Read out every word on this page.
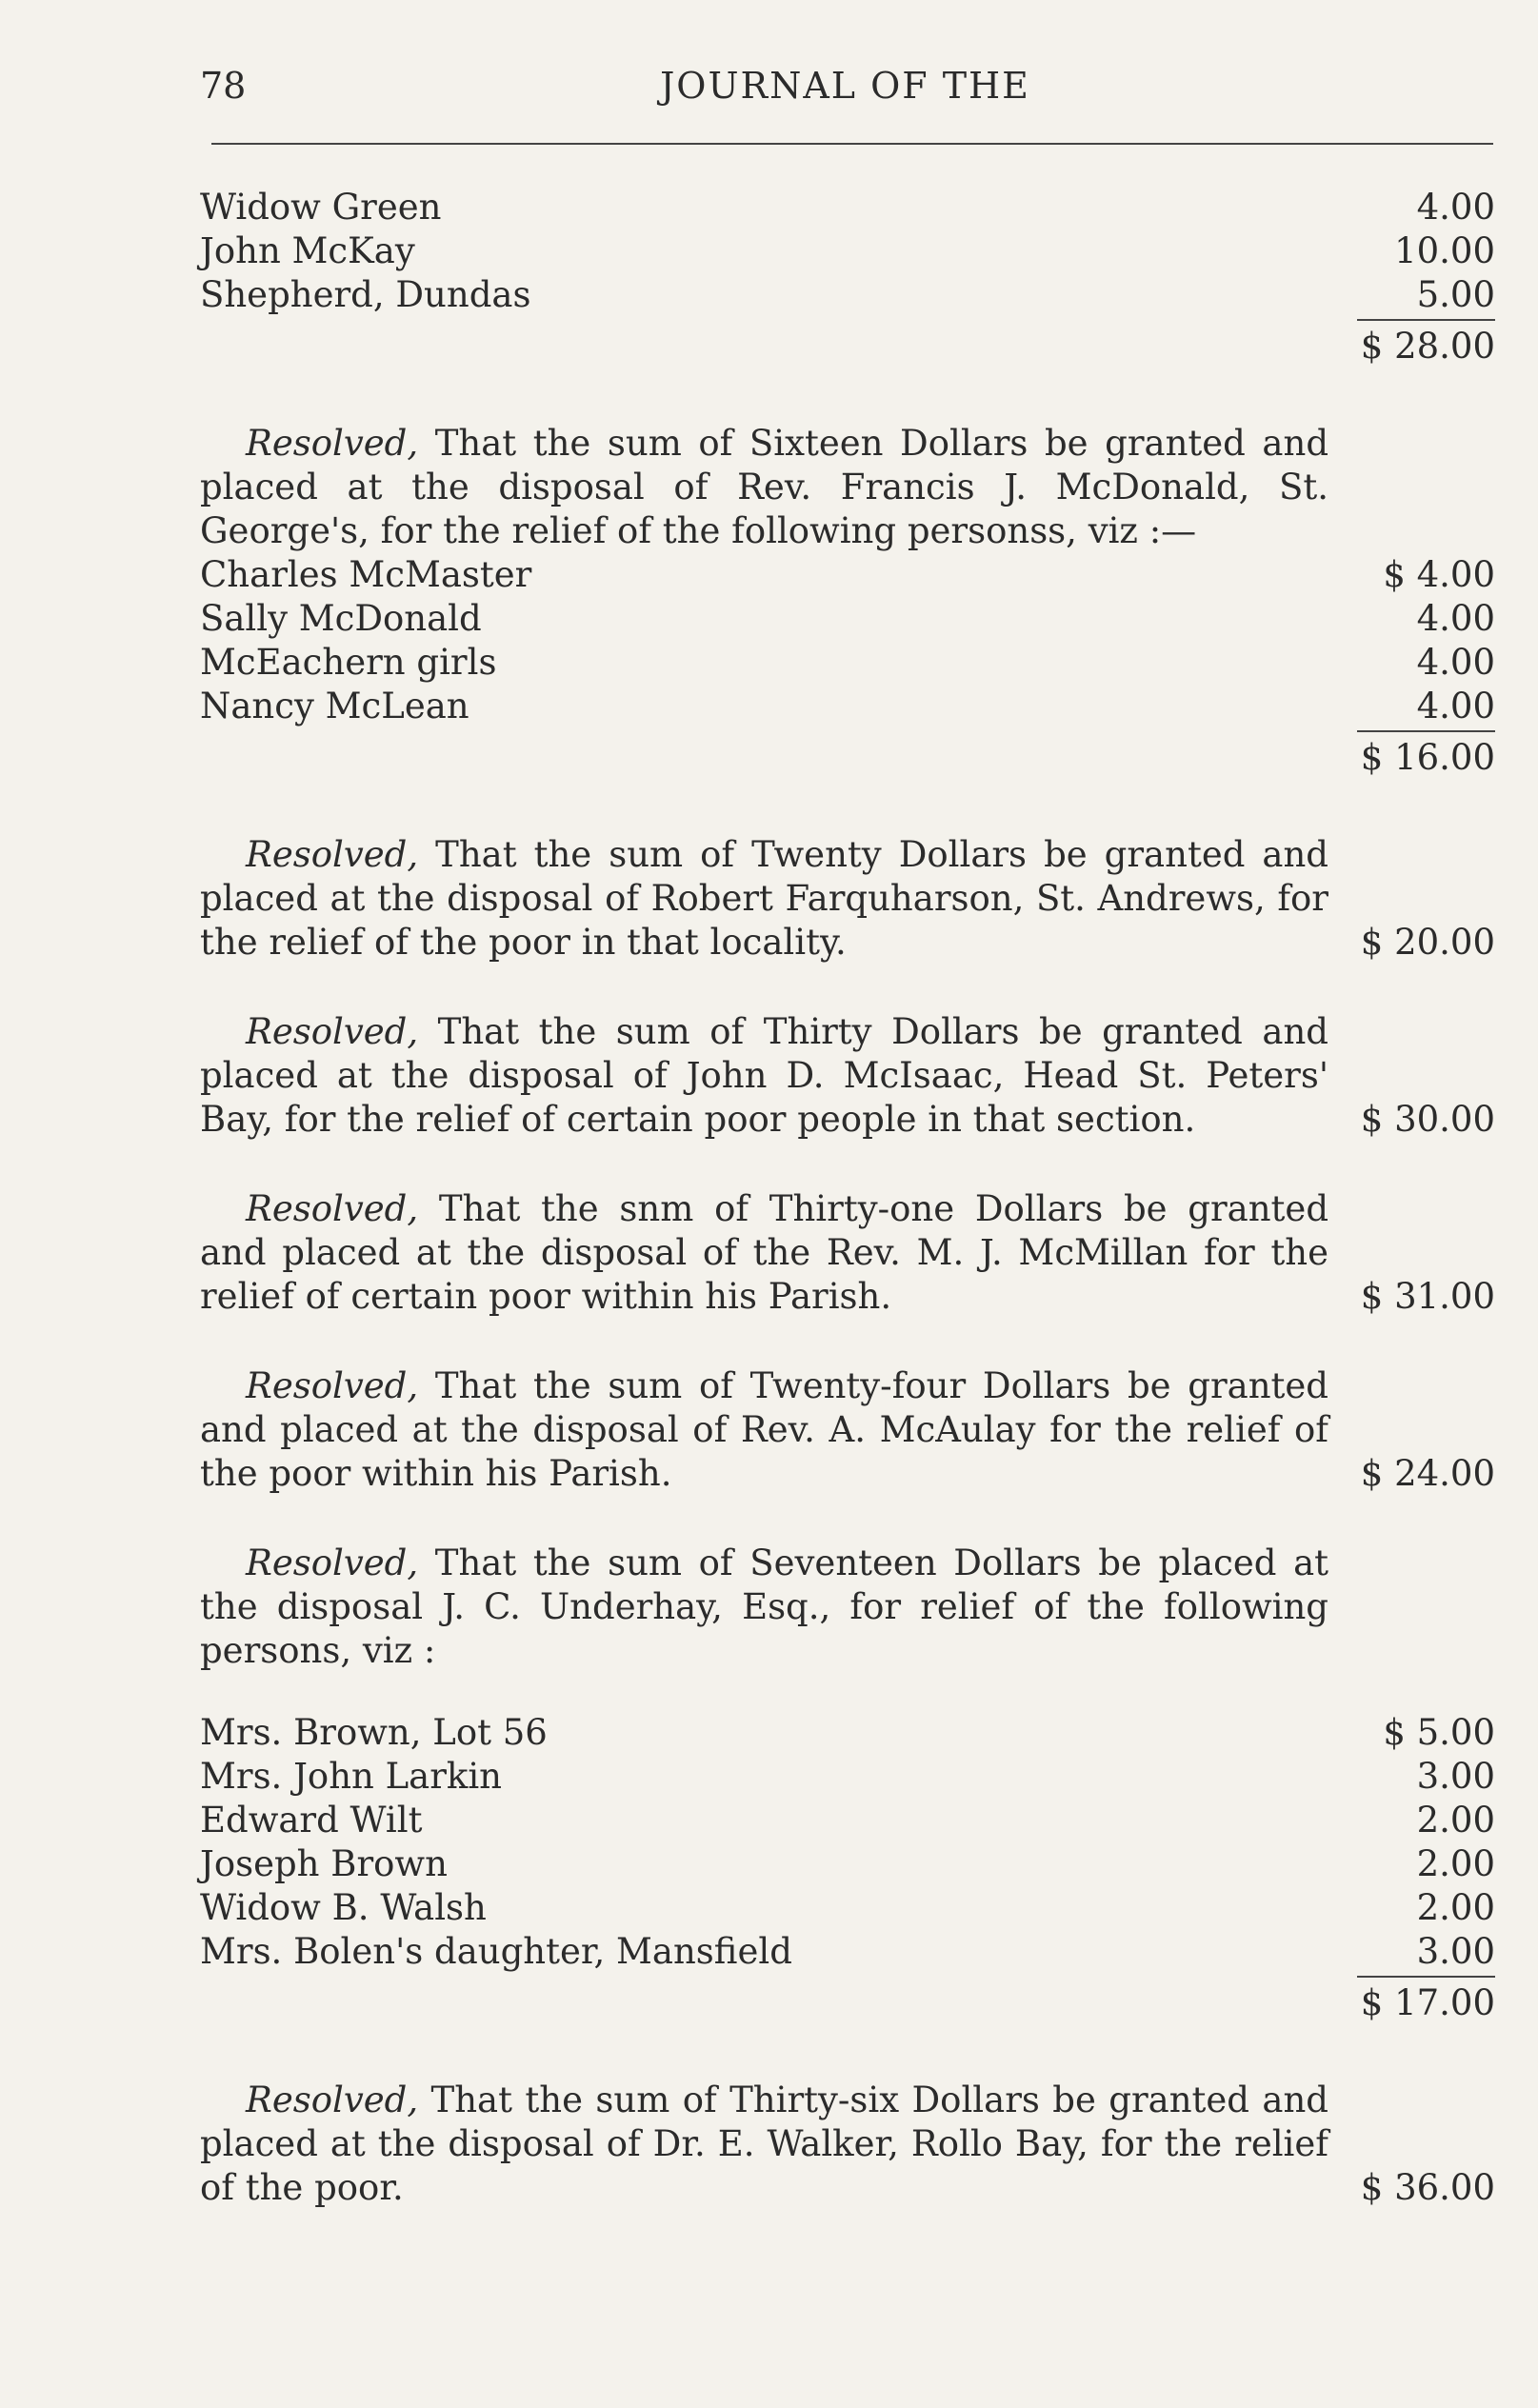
78	JOURNAL OF THE
Widow Green	4.00
John McKay	10.00
Shepherd, Dundas	5.00
$ 28.00

Resolved, That the sum of Sixteen Dollars be granted and placed at the disposal of Rev. Francis J. McDonald, St. George's, for the relief of the following personss, viz :—

Charles McMaster	$ 4.00
Sally McDonald	4.00
McEachern girls	4.00
Nancy McLean	4.00
$ 16.00

Resolved, That the sum of Twenty Dollars be granted and placed at the disposal of Robert Farquharson, St. Andrews, for the relief of the poor in that locality.	$ 20.00

Resolved, That the sum of Thirty Dollars be granted and placed at the disposal of John D. McIsaac, Head St. Peters' Bay, for the relief of certain poor people in that section.	$ 30.00

Resolved, That the snm of Thirty-one Dollars be granted and placed at the disposal of the Rev. M. J. McMillan for the relief of certain poor within his Parish.	$ 31.00

Resolved, That the sum of Twenty-four Dollars be granted and placed at the disposal of Rev. A. McAulay for the relief of the poor within his Parish.	$ 24.00

Resolved, That the sum of Seventeen Dollars be placed at the disposal J. C. Underhay, Esq., for relief of the following persons, viz :

Mrs. Brown, Lot 56	$ 5.00
Mrs. John Larkin	3.00
Edward Wilt	2.00
Joseph Brown	2.00
Widow B. Walsh	2.00
Mrs. Bolen's daughter, Mansfield	3.00
$ 17.00

Resolved, That the sum of Thirty-six Dollars be granted and placed at the disposal of Dr. E. Walker, Rollo Bay, for the relief of the poor.	$ 36.00
